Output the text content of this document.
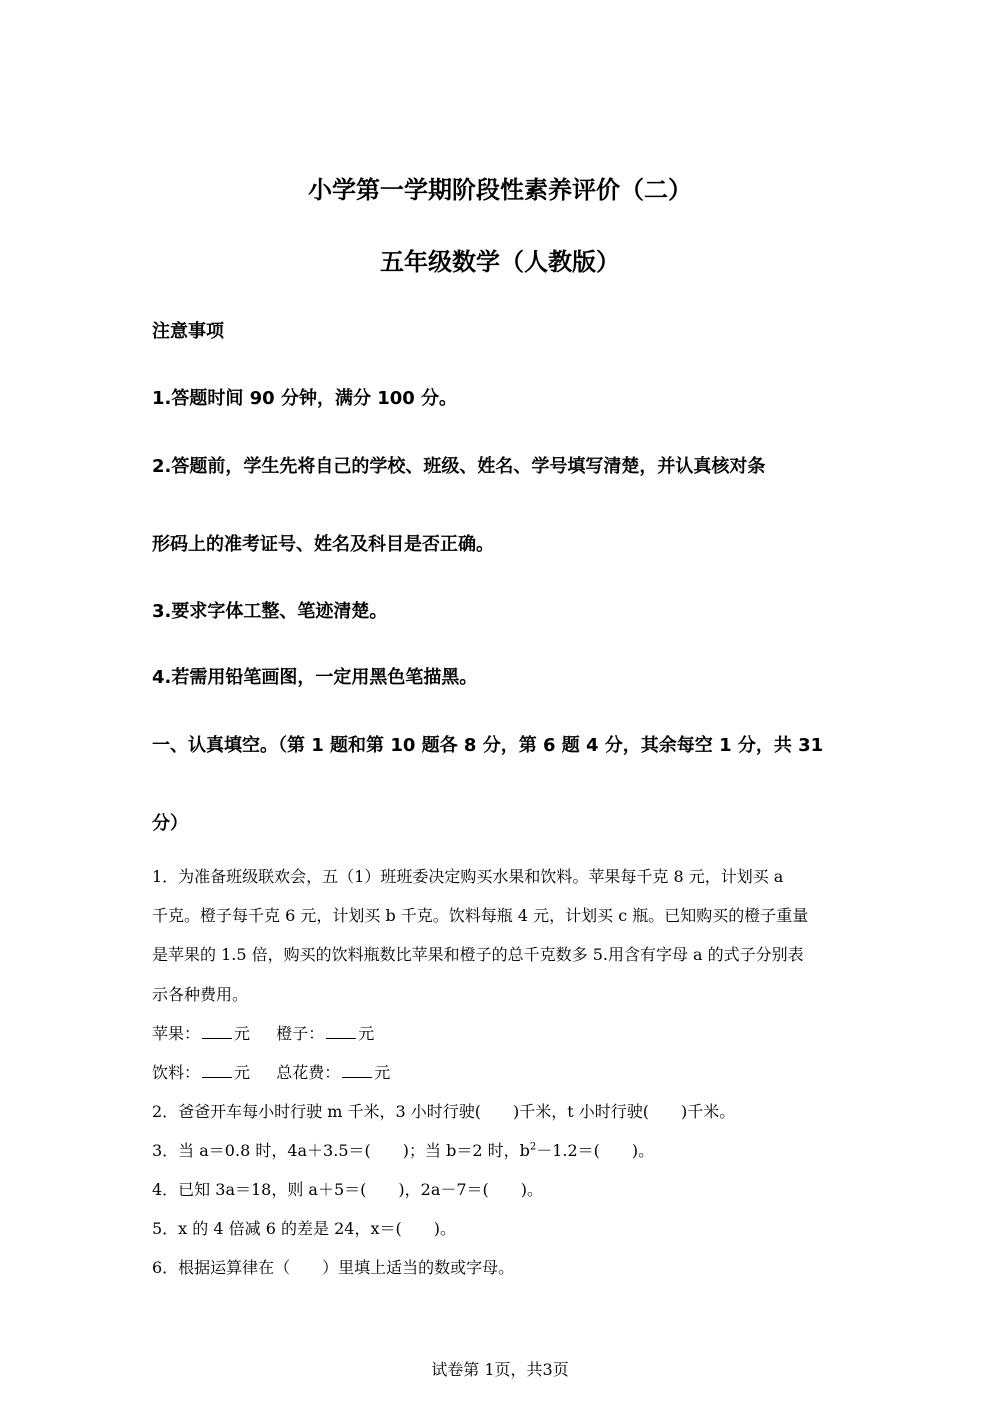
小学第一学期阶段性素养评价（二）
五年级数学（人教版）
注意事项
1.答题时间 90 分钟，满分 100 分。
2.答题前，学生先将自己的学校、班级、姓名、学号填写清楚，并认真核对条
形码上的准考证号、姓名及科目是否正确。
3.要求字体工整、笔迹清楚。
4.若需用铅笔画图，一定用黑色笔描黑。
一、认真填空。（第 1 题和第 10 题各 8 分，第 6 题 4 分，其余每空 1 分，共 31
分）
1．为准备班级联欢会，五（1）班班委决定购买水果和饮料。苹果每千克 8 元，计划买 a
千克。橙子每千克 6 元，计划买 b 千克。饮料每瓶 4 元，计划买 c 瓶。已知购买的橙子重量
是苹果的 1.5 倍，购买的饮料瓶数比苹果和橙子的总千克数多 5.用含有字母 a 的式子分别表
示各种费用。
苹果： 元 橙子： 元
饮料： 元 总花费： 元
2．爸爸开车每小时行驶 m 千米，3 小时行驶(　　)千米，t 小时行驶(　　)千米。
3．当 a＝0.8 时，4a＋3.5＝(　　)；当 b＝2 时，$b^2-1.2=$(　　)。
4．已知 3a＝18，则 a＋5＝(　　)，2a－7＝(　　)。
5．x 的 4 倍减 6 的差是 24，x＝(　　)。
6．根据运算律在（　　）里填上适当的数或字母。
试卷第 1页，共3页
